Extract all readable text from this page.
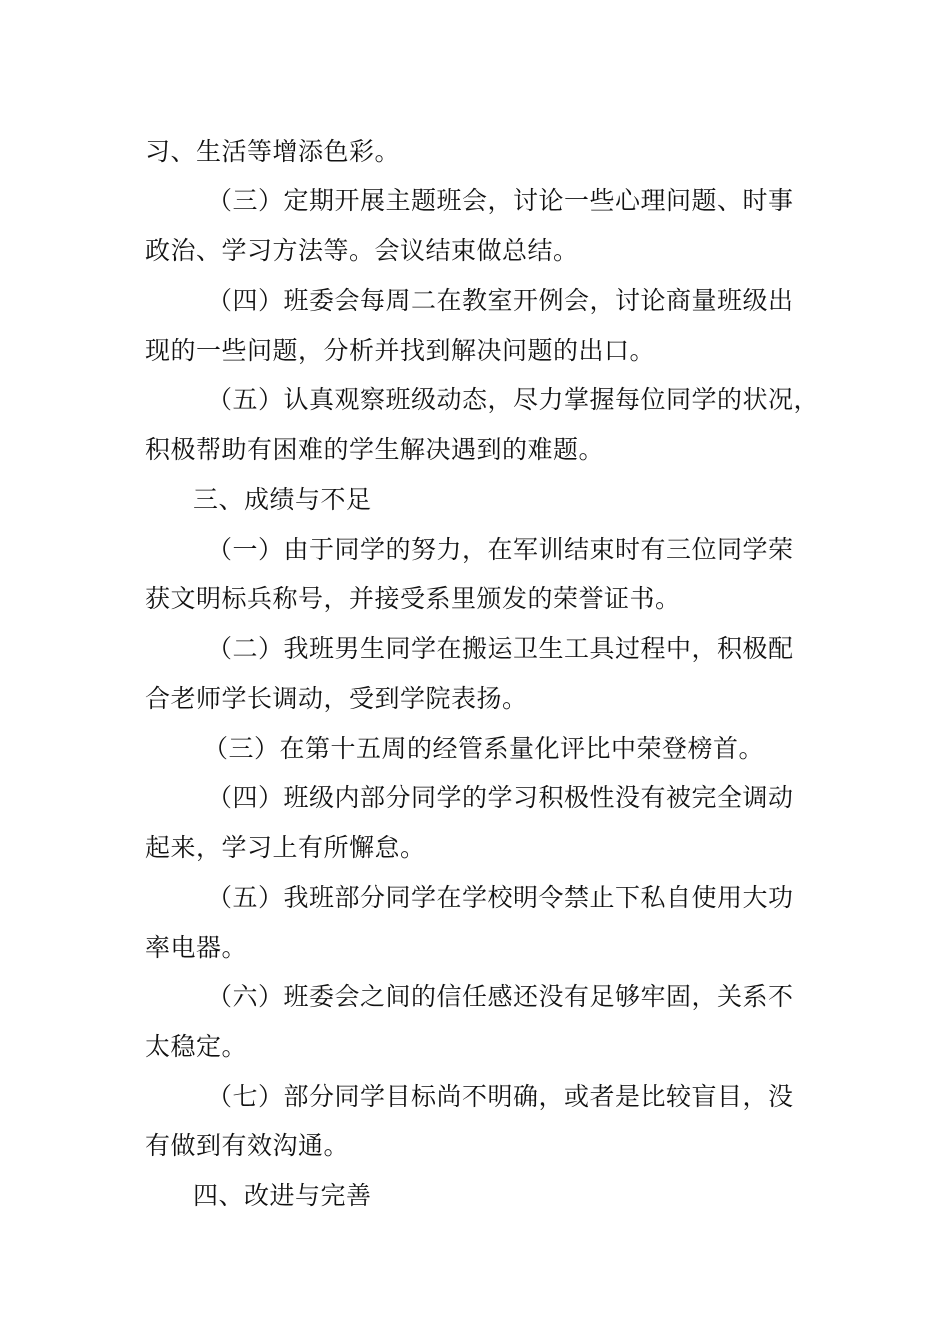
习、生活等增添色彩。
（三）定期开展主题班会，讨论一些心理问题、时事
政治、学习方法等。会议结束做总结。
（四）班委会每周二在教室开例会，讨论商量班级出
现的一些问题，分析并找到解决问题的出口。
（五）认真观察班级动态，尽力掌握每位同学的状况，
积极帮助有困难的学生解决遇到的难题。
三、成绩与不足
（一）由于同学的努力，在军训结束时有三位同学荣
获文明标兵称号，并接受系里颁发的荣誉证书。
（二）我班男生同学在搬运卫生工具过程中，积极配
合老师学长调动，受到学院表扬。
（三）在第十五周的经管系量化评比中荣登榜首。
（四）班级内部分同学的学习积极性没有被完全调动
起来，学习上有所懈怠。
（五）我班部分同学在学校明令禁止下私自使用大功
率电器。
（六）班委会之间的信任感还没有足够牢固，关系不
太稳定。
（七）部分同学目标尚不明确，或者是比较盲目，没
有做到有效沟通。
四、改进与完善
